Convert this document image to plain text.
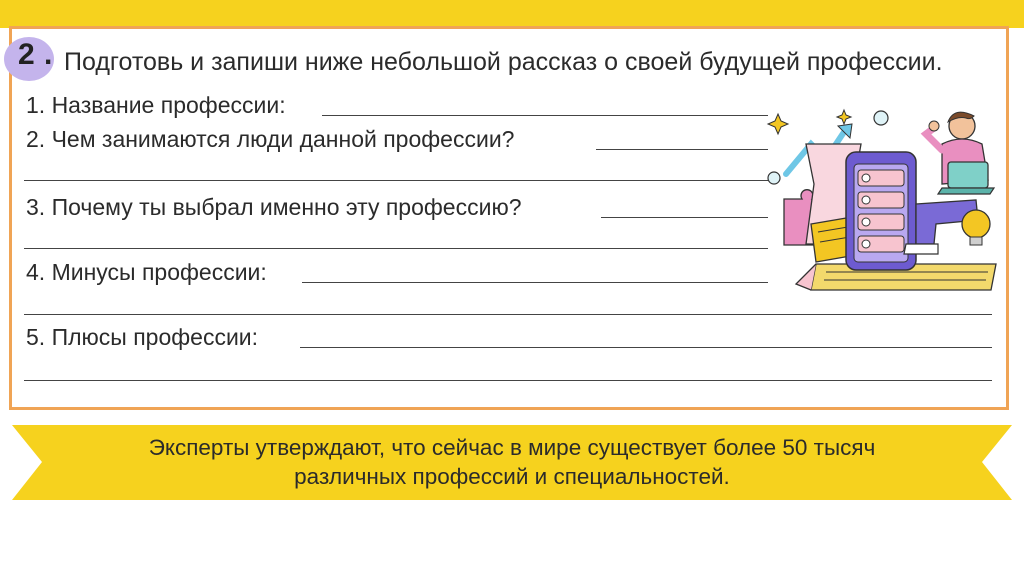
2 . Подготовь и запиши ниже небольшой рассказ о своей будущей профессии.
1. Название профессии:
2. Чем занимаются люди данной профессии?
3. Почему ты выбрал именно эту профессию?
4. Минусы профессии:
5. Плюсы профессии:
Эксперты утверждают, что сейчас в мире существует более 50 тысяч
различных профессий и специальностей.
